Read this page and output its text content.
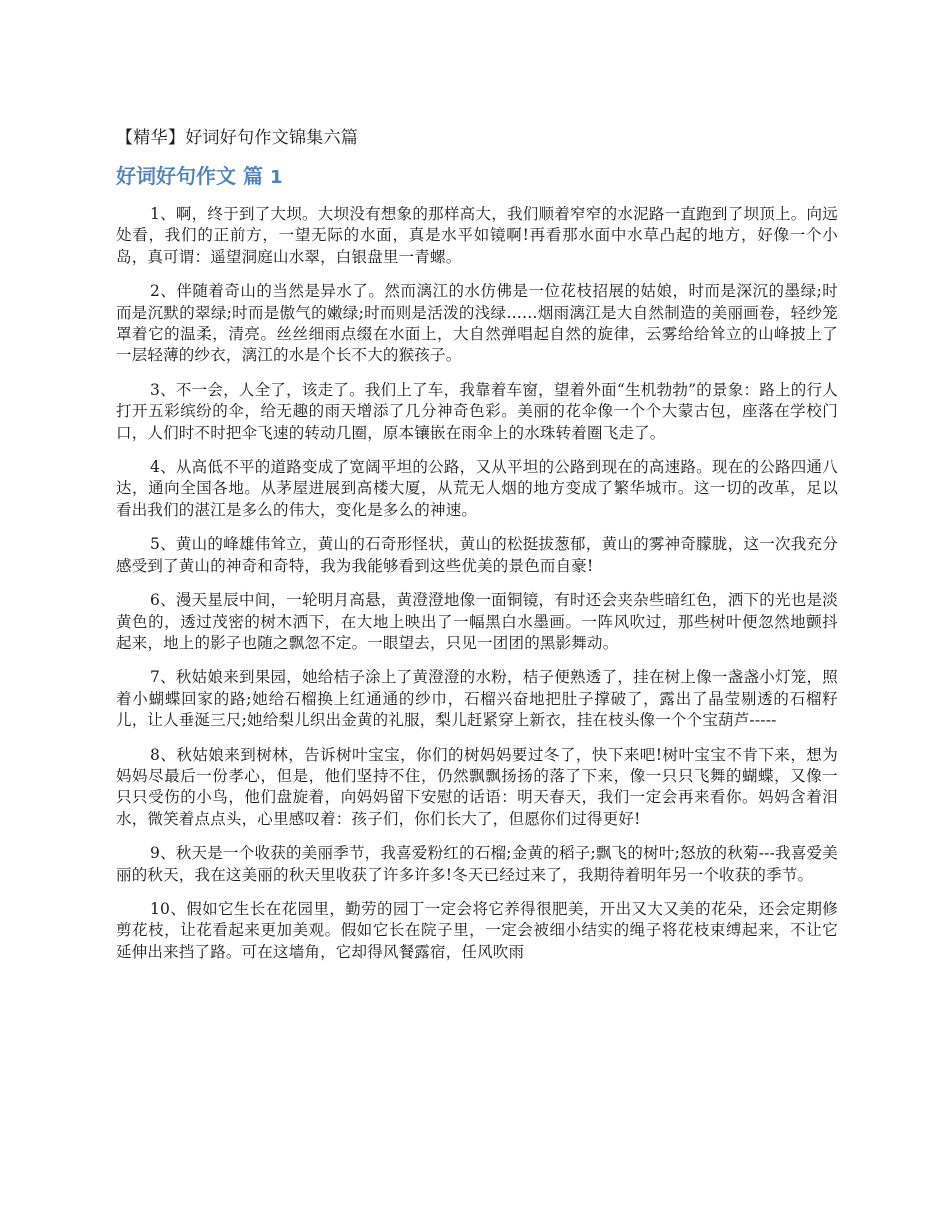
【精华】好词好句作文锦集六篇
好词好句作文 篇 1

1、啊，终于到了大坝。大坝没有想象的那样高大，我们顺着窄窄的水泥路一直跑到了坝顶上。向远处看，我们的正前方，一望无际的水面，真是水平如镜啊!再看那水面中水草凸起的地方，好像一个小岛，真可谓：遥望洞庭山水翠，白银盘里一青螺。

2、伴随着奇山的当然是异水了。然而漓江的水仿佛是一位花枝招展的姑娘，时而是深沉的墨绿;时而是沉默的翠绿;时而是傲气的嫩绿;时而则是活泼的浅绿……烟雨漓江是大自然制造的美丽画卷，轻纱笼罩着它的温柔，清亮。丝丝细雨点缀在水面上，大自然弹唱起自然的旋律，云雾给给耸立的山峰披上了一层轻薄的纱衣，漓江的水是个长不大的猴孩子。

3、不一会，人全了，该走了。我们上了车，我靠着车窗，望着外面“生机勃勃”的景象：路上的行人打开五彩缤纷的伞，给无趣的雨天增添了几分神奇色彩。美丽的花伞像一个个大蒙古包，座落在学校门口，人们时不时把伞飞速的转动几圈，原本镶嵌在雨伞上的水珠转着圈飞走了。

4、从高低不平的道路变成了宽阔平坦的公路，又从平坦的公路到现在的高速路。现在的公路四通八达，通向全国各地。从茅屋进展到高楼大厦，从荒无人烟的地方变成了繁华城市。这一切的改革，足以看出我们的湛江是多么的伟大，变化是多么的神速。

5、黄山的峰雄伟耸立，黄山的石奇形怪状，黄山的松挺拔葱郁，黄山的雾神奇朦胧，这一次我充分感受到了黄山的神奇和奇特，我为我能够看到这些优美的景色而自豪!

6、漫天星辰中间，一轮明月高悬，黄澄澄地像一面铜镜，有时还会夹杂些暗红色，洒下的光也是淡黄色的，透过茂密的树木洒下，在大地上映出了一幅黑白水墨画。一阵风吹过，那些树叶便忽然地颤抖起来，地上的影子也随之飘忽不定。一眼望去，只见一团团的黑影舞动。

7、秋姑娘来到果园，她给桔子涂上了黄澄澄的水粉，桔子便熟透了，挂在树上像一盏盏小灯笼，照着小蝴蝶回家的路;她给石榴换上红通通的纱巾，石榴兴奋地把肚子撑破了，露出了晶莹剔透的石榴籽儿，让人垂涎三尺;她给梨儿织出金黄的礼服，梨儿赶紧穿上新衣，挂在枝头像一个个宝葫芦-----

8、秋姑娘来到树林，告诉树叶宝宝，你们的树妈妈要过冬了，快下来吧!树叶宝宝不肯下来，想为妈妈尽最后一份孝心，但是，他们坚持不住，仍然飘飘扬扬的落了下来，像一只只飞舞的蝴蝶，又像一只只受伤的小鸟，他们盘旋着，向妈妈留下安慰的话语：明天春天，我们一定会再来看你。妈妈含着泪水，微笑着点点头，心里感叹着：孩子们，你们长大了，但愿你们过得更好!

9、秋天是一个收获的美丽季节，我喜爱粉红的石榴;金黄的稻子;飘飞的树叶;怒放的秋菊---我喜爱美丽的秋天，我在这美丽的秋天里收获了许多许多!冬天已经过来了，我期待着明年另一个收获的季节。

10、假如它生长在花园里，勤劳的园丁一定会将它养得很肥美，开出又大又美的花朵，还会定期修剪花枝，让花看起来更加美观。假如它长在院子里，一定会被细小结实的绳子将花枝束缚起来，不让它延伸出来挡了路。可在这墙角，它却得风餐露宿，任风吹雨
